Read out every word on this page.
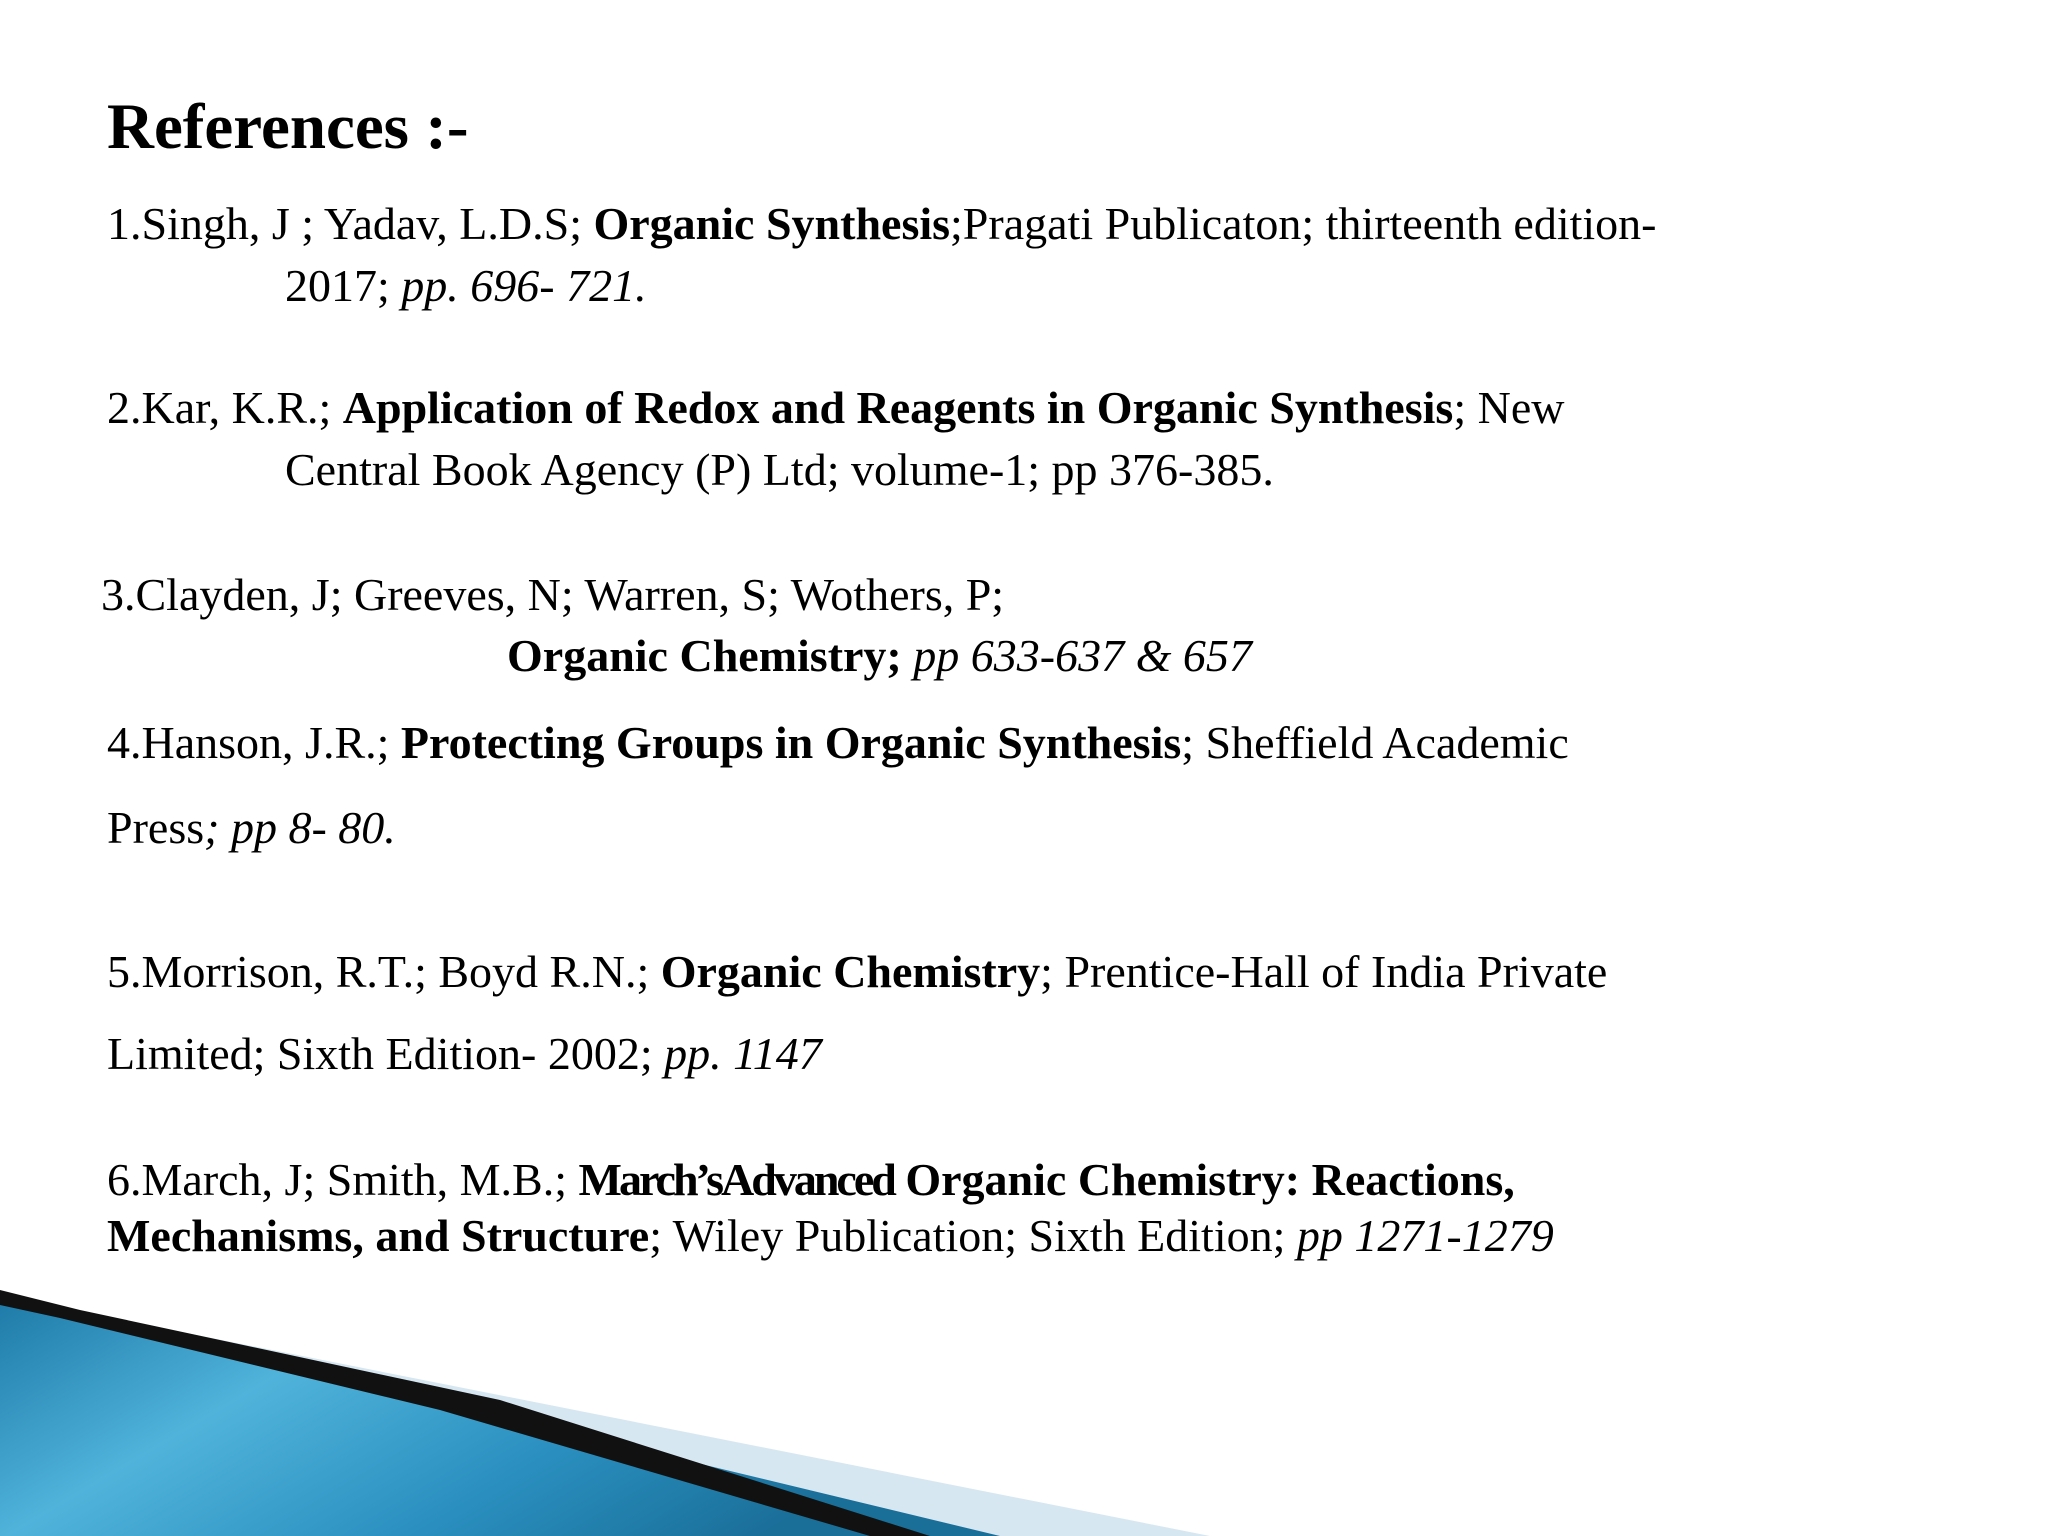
References :-
1.Singh, J ; Yadav, L.D.S; Organic Synthesis;Pragati Publicaton; thirteenth edition-
2017; pp. 696- 721.
2.Kar, K.R.; Application of Redox and Reagents in Organic Synthesis; New
Central Book Agency (P) Ltd; volume-1; pp 376-385.
3.Clayden, J; Greeves, N; Warren, S; Wothers, P;
Organic Chemistry; pp 633-637 & 657
4.Hanson, J.R.; Protecting Groups in Organic Synthesis; Sheffield Academic
Press; pp 8- 80.
5.Morrison, R.T.; Boyd R.N.; Organic Chemistry; Prentice-Hall of India Private
Limited; Sixth Edition- 2002; pp. 1147
6.March, J; Smith, M.B.; March’sAdvanced Organic Chemistry: Reactions,
Mechanisms, and Structure; Wiley Publication; Sixth Edition; pp 1271-1279
